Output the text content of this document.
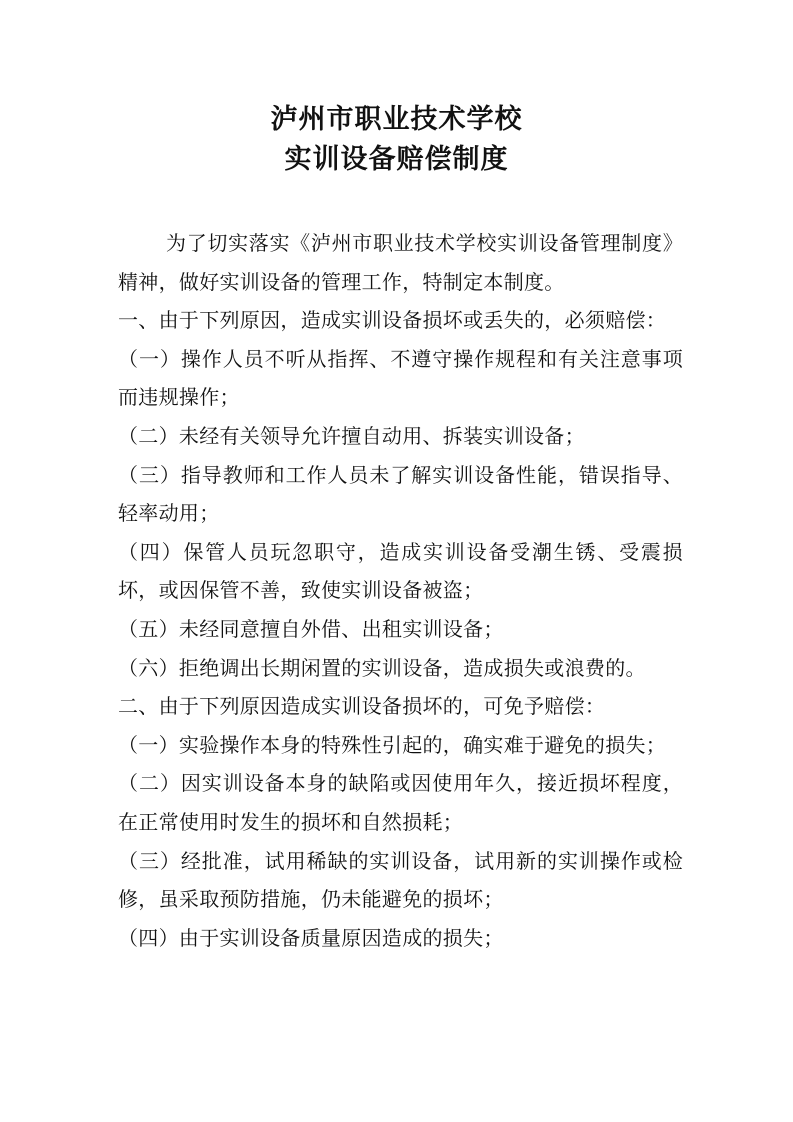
泸州市职业技术学校
实训设备赔偿制度

为了切实落实《泸州市职业技术学校实训设备管理制度》精神，做好实训设备的管理工作，特制定本制度。

一、由于下列原因，造成实训设备损坏或丢失的，必须赔偿：

（一）操作人员不听从指挥、不遵守操作规程和有关注意事项而违规操作；

（二）未经有关领导允许擅自动用、拆装实训设备；

（三）指导教师和工作人员未了解实训设备性能，错误指导、轻率动用；

（四）保管人员玩忽职守，造成实训设备受潮生锈、受震损坏，或因保管不善，致使实训设备被盗；

（五）未经同意擅自外借、出租实训设备；

（六）拒绝调出长期闲置的实训设备，造成损失或浪费的。

二、由于下列原因造成实训设备损坏的，可免予赔偿：

（一）实验操作本身的特殊性引起的，确实难于避免的损失；

（二）因实训设备本身的缺陷或因使用年久，接近损坏程度，在正常使用时发生的损坏和自然损耗；

（三）经批准，试用稀缺的实训设备，试用新的实训操作或检修，虽采取预防措施，仍未能避免的损坏；

（四）由于实训设备质量原因造成的损失；
